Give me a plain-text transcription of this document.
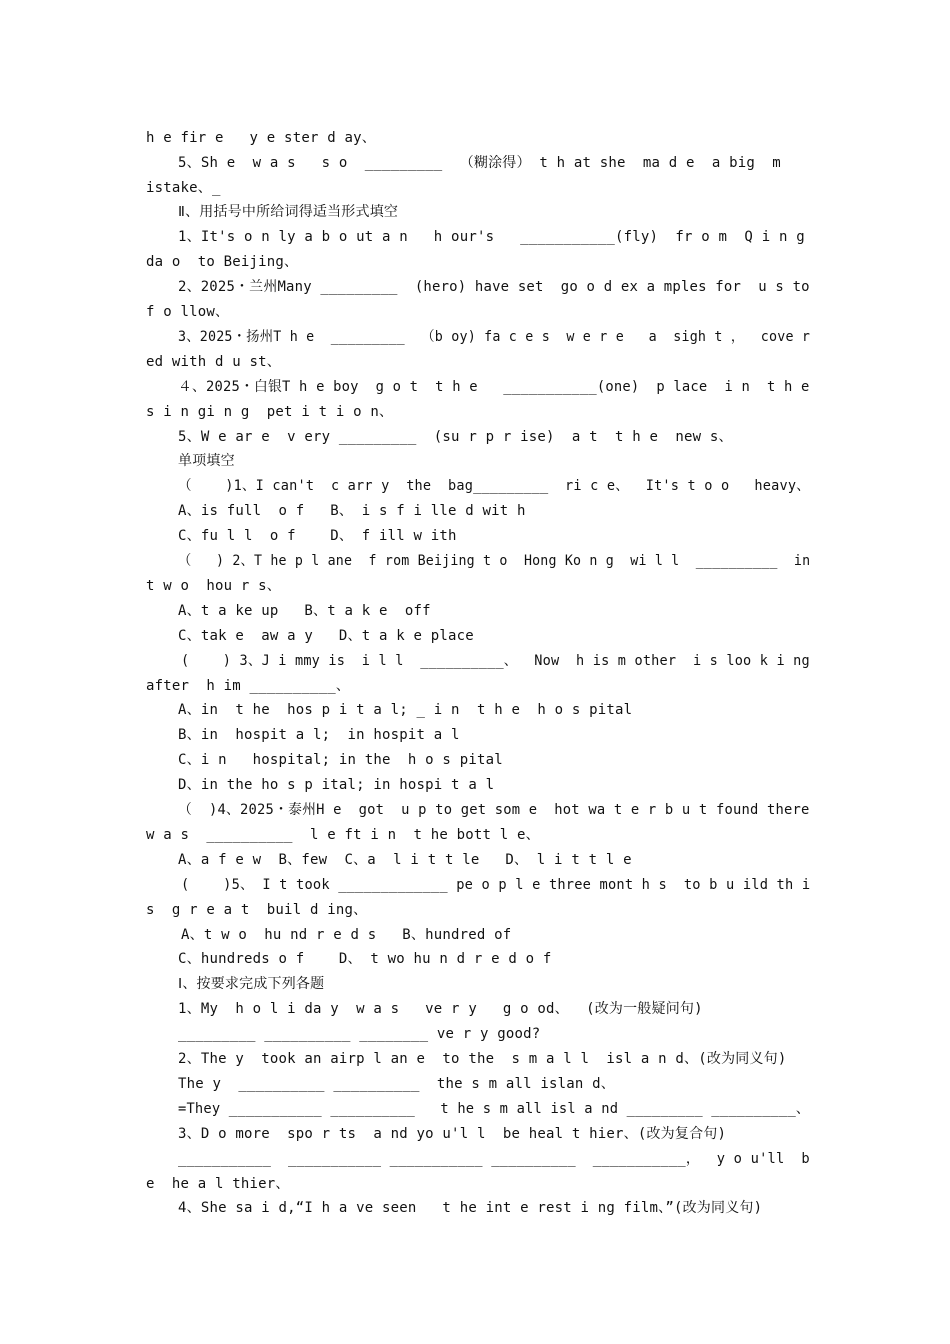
h e fir e   y e ster d ay、
5、Sh e  w a s   s o  _________  （糊涂得） t h at she  ma d e  a big  m
istake、_
Ⅱ、用括号中所给词得适当形式填空
1、It's o n ly a b o ut a n   h our's   ___________(fly)  fr o m  Q i n g
da o  to Beijing、
2、2025・兰州Many _________  (hero) have set  go o d ex a mples for  u s to
f o llow、
3、2025・扬州T h e  _________  （b oy) fa c e s  w e r e   a  sigh t ，  cove r
ed with d u st、
４、2025・白银T h e boy  g o t  t h e   ___________(one)  p lace  i n  t h e
s i n gi n g  pet i t i o n、
5、W e ar e  v ery _________  (su r p r ise)  a t  t h e  new s、
单项填空
（    )1、I can't  c arr y  the  bag_________  ri c e、  It's t o o   heavy、
A、is full  o f   B、 i s f i lle d wit h
C、fu l l  o f    D、 f ill w ith
（   ) 2、T he p l ane  f rom Beijing t o  Hong Ko n g  wi l l  __________  in
t w o  hou r s、
A、t a ke up   B、t a k e  off
C、tak e  aw a y   D、t a k e place
(    ) 3、J i mmy is  i l l  __________、  Now  h is m other  i s loo k i ng
after  h im __________、
A、in  t he  hos p i t a l; _ i n  t h e  h o s pital
B、in  hospit a l;  in hospit a l
C、i n   hospital; in the  h o s pital
D、in the ho s p ital; in hospi t a l
（  )4、2025・泰州H e  got  u p to get som e  hot wa t e r b u t found there
w a s  __________  l e ft i n  t he bott l e、
A、a f e w  B、few  C、a  l i t t le   D、 l i t t l e
(    )5、 I t took _____________ pe o p l e three mont h s  to b u ild th i
s  g r e a t  buil d ing、
A、t w o  hu nd r e d s   B、hundred of
C、hundreds o f    D、 t wo hu n d r e d o f
Ⅰ、按要求完成下列各题
1、My  h o l i da y  w a s   ve r y   g o od、  (改为一般疑问句)
_________ __________ ________ ve r y good?
2、The y  took an airp l an e  to the  s m a l l  isl a n d、(改为同义句)
The y  __________ __________  the s m all islan d、
=They ___________ __________   t he s m all isl a nd _________ __________、
3、D o more  spo r ts  a nd yo u'l l  be heal t hier、(改为复合句)
___________  ___________ ___________ __________  ___________，  y o u'll  b
e  he a l thier、
4、She sa i d,“I h a ve seen   t he int e rest i ng film、”(改为同义句)
